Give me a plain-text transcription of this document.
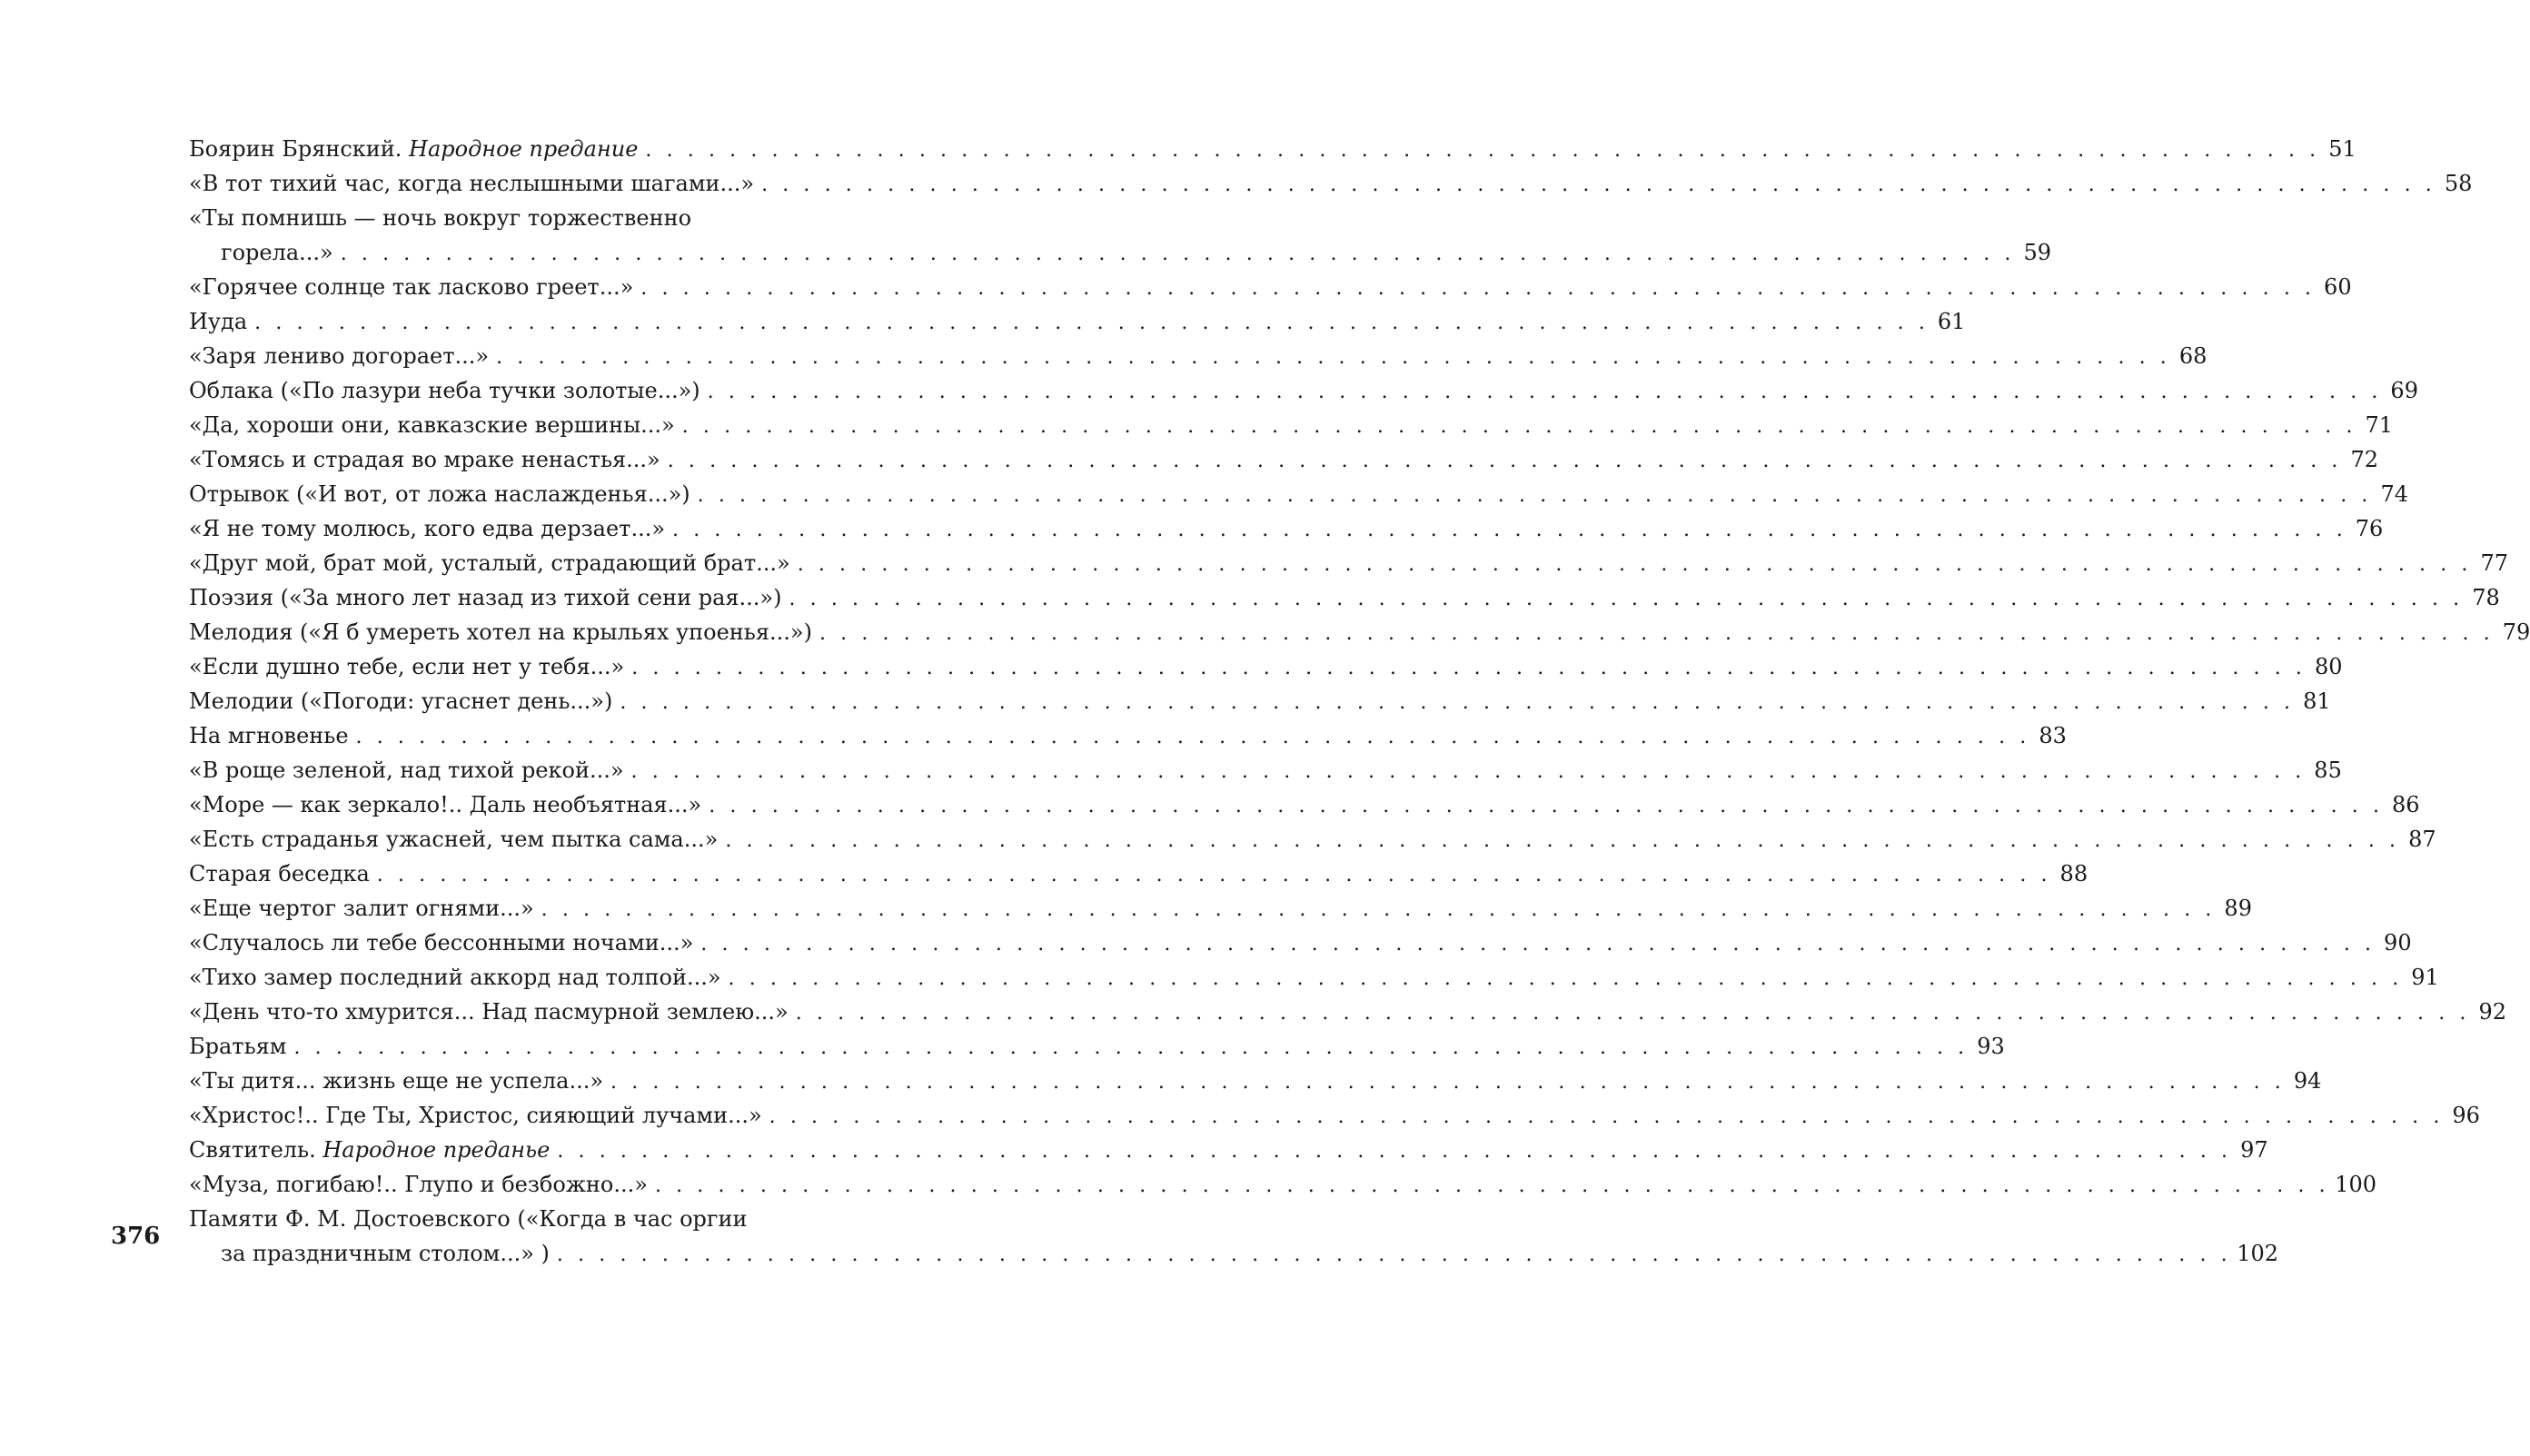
376
Боярин Брянский. Народное предание . . . . . . . . . . . . . . . . . . . . . . . . . . . . . . . . . . . . . . . . . . . . . . . . . . . . . . . . . . . . . . . . . . . . . . . . . . . . . . . . 51
«В тот тихий час, когда неслышными шагами...» . . . . . . . . . . . . . . . . . . . . . . . . . . . . . . . . . . . . . . . . . . . . . . . . . . . . . . . . . . . . . . . . . . . . . . . . . . . . . . . . 58
«Ты помнишь — ночь вокруг торжественно
горела...» . . . . . . . . . . . . . . . . . . . . . . . . . . . . . . . . . . . . . . . . . . . . . . . . . . . . . . . . . . . . . . . . . . . . . . . . . . . . . . . . 59
«Горячее солнце так ласково греет...» . . . . . . . . . . . . . . . . . . . . . . . . . . . . . . . . . . . . . . . . . . . . . . . . . . . . . . . . . . . . . . . . . . . . . . . . . . . . . . . . 60
Иуда . . . . . . . . . . . . . . . . . . . . . . . . . . . . . . . . . . . . . . . . . . . . . . . . . . . . . . . . . . . . . . . . . . . . . . . . . . . . . . . . 61
«Заря лениво догорает...» . . . . . . . . . . . . . . . . . . . . . . . . . . . . . . . . . . . . . . . . . . . . . . . . . . . . . . . . . . . . . . . . . . . . . . . . . . . . . . . . 68
Облака («По лазури неба тучки золотые...») . . . . . . . . . . . . . . . . . . . . . . . . . . . . . . . . . . . . . . . . . . . . . . . . . . . . . . . . . . . . . . . . . . . . . . . . . . . . . . . . 69
«Да, хороши они, кавказские вершины...» . . . . . . . . . . . . . . . . . . . . . . . . . . . . . . . . . . . . . . . . . . . . . . . . . . . . . . . . . . . . . . . . . . . . . . . . . . . . . . . . 71
«Томясь и страдая во мраке ненастья...» . . . . . . . . . . . . . . . . . . . . . . . . . . . . . . . . . . . . . . . . . . . . . . . . . . . . . . . . . . . . . . . . . . . . . . . . . . . . . . . . 72
Отрывок («И вот, от ложа наслажденья...») . . . . . . . . . . . . . . . . . . . . . . . . . . . . . . . . . . . . . . . . . . . . . . . . . . . . . . . . . . . . . . . . . . . . . . . . . . . . . . . . 74
«Я не тому молюсь, кого едва дерзает...» . . . . . . . . . . . . . . . . . . . . . . . . . . . . . . . . . . . . . . . . . . . . . . . . . . . . . . . . . . . . . . . . . . . . . . . . . . . . . . . . 76
«Друг мой, брат мой, усталый, страдающий брат...» . . . . . . . . . . . . . . . . . . . . . . . . . . . . . . . . . . . . . . . . . . . . . . . . . . . . . . . . . . . . . . . . . . . . . . . . . . . . . . . . 77
Поэзия («За много лет назад из тихой сени рая...») . . . . . . . . . . . . . . . . . . . . . . . . . . . . . . . . . . . . . . . . . . . . . . . . . . . . . . . . . . . . . . . . . . . . . . . . . . . . . . . . 78
Мелодия («Я б умереть хотел на крыльях упоенья...») . . . . . . . . . . . . . . . . . . . . . . . . . . . . . . . . . . . . . . . . . . . . . . . . . . . . . . . . . . . . . . . . . . . . . . . . . . . . . . . . 79
«Если душно тебе, если нет у тебя...» . . . . . . . . . . . . . . . . . . . . . . . . . . . . . . . . . . . . . . . . . . . . . . . . . . . . . . . . . . . . . . . . . . . . . . . . . . . . . . . . 80
Мелодии («Погоди: угаснет день...») . . . . . . . . . . . . . . . . . . . . . . . . . . . . . . . . . . . . . . . . . . . . . . . . . . . . . . . . . . . . . . . . . . . . . . . . . . . . . . . . 81
На мгновенье . . . . . . . . . . . . . . . . . . . . . . . . . . . . . . . . . . . . . . . . . . . . . . . . . . . . . . . . . . . . . . . . . . . . . . . . . . . . . . . . 83
«В роще зеленой, над тихой рекой...» . . . . . . . . . . . . . . . . . . . . . . . . . . . . . . . . . . . . . . . . . . . . . . . . . . . . . . . . . . . . . . . . . . . . . . . . . . . . . . . . 85
«Море — как зеркало!.. Даль необъятная...» . . . . . . . . . . . . . . . . . . . . . . . . . . . . . . . . . . . . . . . . . . . . . . . . . . . . . . . . . . . . . . . . . . . . . . . . . . . . . . . . 86
«Есть страданья ужасней, чем пытка сама...» . . . . . . . . . . . . . . . . . . . . . . . . . . . . . . . . . . . . . . . . . . . . . . . . . . . . . . . . . . . . . . . . . . . . . . . . . . . . . . . . 87
Старая беседка . . . . . . . . . . . . . . . . . . . . . . . . . . . . . . . . . . . . . . . . . . . . . . . . . . . . . . . . . . . . . . . . . . . . . . . . . . . . . . . . 88
«Еще чертог залит огнями...» . . . . . . . . . . . . . . . . . . . . . . . . . . . . . . . . . . . . . . . . . . . . . . . . . . . . . . . . . . . . . . . . . . . . . . . . . . . . . . . . 89
«Случалось ли тебе бессонными ночами...» . . . . . . . . . . . . . . . . . . . . . . . . . . . . . . . . . . . . . . . . . . . . . . . . . . . . . . . . . . . . . . . . . . . . . . . . . . . . . . . . 90
«Тихо замер последний аккорд над толпой...» . . . . . . . . . . . . . . . . . . . . . . . . . . . . . . . . . . . . . . . . . . . . . . . . . . . . . . . . . . . . . . . . . . . . . . . . . . . . . . . . 91
«День что-то хмурится... Над пасмурной землею...» . . . . . . . . . . . . . . . . . . . . . . . . . . . . . . . . . . . . . . . . . . . . . . . . . . . . . . . . . . . . . . . . . . . . . . . . . . . . . . . . 92
Братьям . . . . . . . . . . . . . . . . . . . . . . . . . . . . . . . . . . . . . . . . . . . . . . . . . . . . . . . . . . . . . . . . . . . . . . . . . . . . . . . . 93
«Ты дитя... жизнь еще не успела...» . . . . . . . . . . . . . . . . . . . . . . . . . . . . . . . . . . . . . . . . . . . . . . . . . . . . . . . . . . . . . . . . . . . . . . . . . . . . . . . . 94
«Христос!.. Где Ты, Христос, сияющий лучами...» . . . . . . . . . . . . . . . . . . . . . . . . . . . . . . . . . . . . . . . . . . . . . . . . . . . . . . . . . . . . . . . . . . . . . . . . . . . . . . . . 96
Святитель. Народное преданье . . . . . . . . . . . . . . . . . . . . . . . . . . . . . . . . . . . . . . . . . . . . . . . . . . . . . . . . . . . . . . . . . . . . . . . . . . . . . . . . 97
«Муза, погибаю!.. Глупо и безбожно...» . . . . . . . . . . . . . . . . . . . . . . . . . . . . . . . . . . . . . . . . . . . . . . . . . . . . . . . . . . . . . . . . . . . . . . . . . . . . . . . . 100
Памяти Ф. М. Достоевского («Когда в час оргии
за праздничным столом...» ) . . . . . . . . . . . . . . . . . . . . . . . . . . . . . . . . . . . . . . . . . . . . . . . . . . . . . . . . . . . . . . . . . . . . . . . . . . . . . . . . 102
